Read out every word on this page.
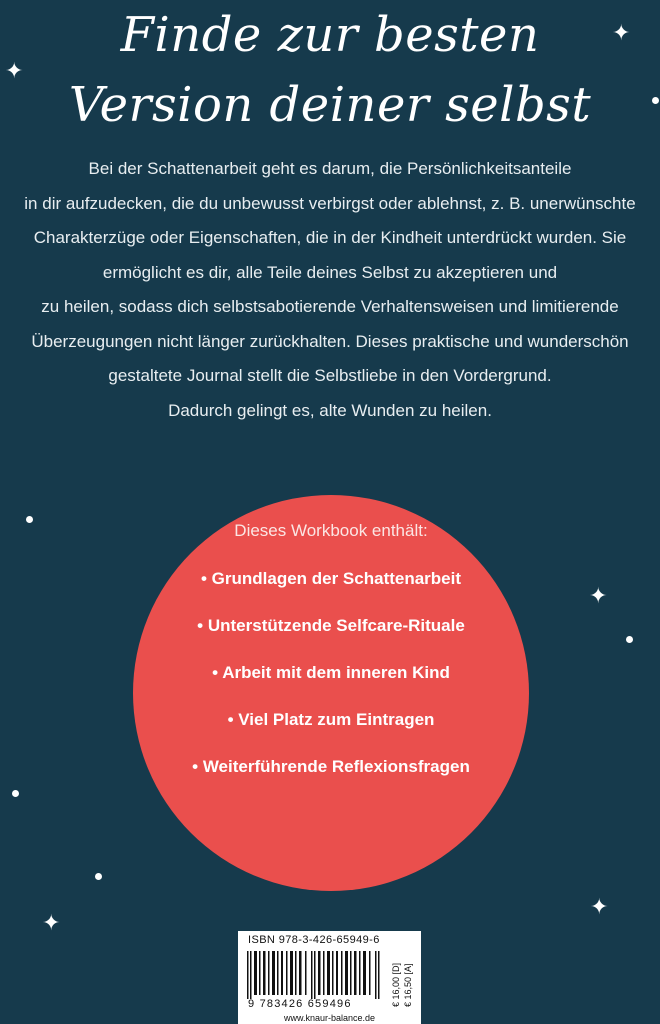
Finde zur besten
Version deiner selbst
Bei der Schattenarbeit geht es darum, die Persönlichkeitsanteile
in dir aufzudecken, die du unbewusst verbirgst oder ablehnst, z. B. unerwünschte
Charakterzüge oder Eigenschaften, die in der Kindheit unterdrückt wurden. Sie
ermöglicht es dir, alle Teile deines Selbst zu akzeptieren und
zu heilen, sodass dich selbstsabotierende Verhaltensweisen und limitierende
Überzeugungen nicht länger zurückhalten. Dieses praktische und wunderschön
gestaltete Journal stellt die Selbstliebe in den Vordergrund.
Dadurch gelingt es, alte Wunden zu heilen.
✦
✦
✦
✦
✦
Dieses Workbook enthält:
• Grundlagen der Schattenarbeit
• Unterstützende Selfcare-Rituale
• Arbeit mit dem inneren Kind
• Viel Platz zum Eintragen
• Weiterführende Reflexionsfragen
ISBN 978-3-426-65949-6
9 783426 659496	€ 16,00 [D] € 16,50 [A]
www.knaur-balance.de
